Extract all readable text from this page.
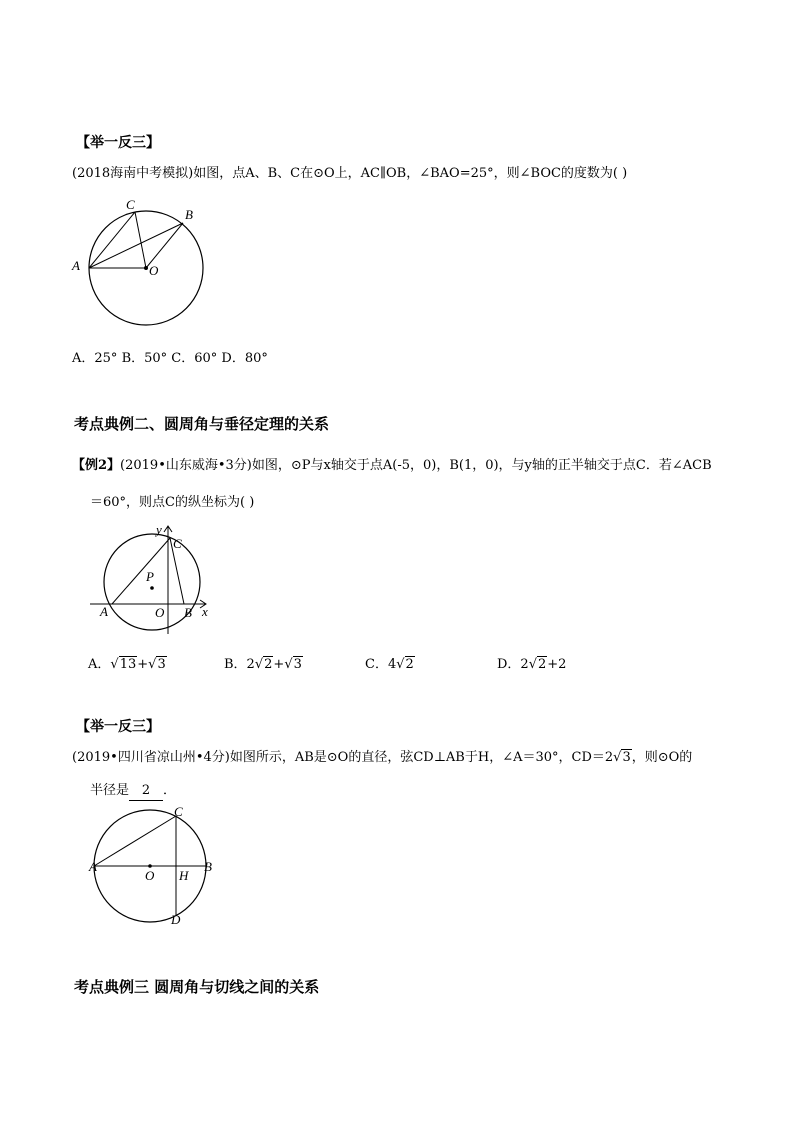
【举一反三】
(2018海南中考模拟)如图，点A、B、C在⊙O上，AC∥OB，∠BAO=25°，则∠BOC的度数为( )
C
B
A	O
A．25° B．50° C．60° D．80°
考点典例二、圆周角与垂径定理的关系
【例2】(2019•山东威海•3分)如图，⊙P与x轴交于点A(-5，0)，B(1，0)，与y轴的正半轴交于点C．若∠ACB
＝60°，则点C的纵坐标为( )
y
C
P
A	O B x
A．√13+√3	B．2√2+√3	C．4√2	D．2√2+2
【举一反三】
(2019•四川省凉山州•4分)如图所示，AB是⊙O的直径，弦CD⊥AB于H，∠A＝30°，CD＝2√3，则⊙O的
半径是 2 ．
C
A
O H
B
D
考点典例三 圆周角与切线之间的关系
